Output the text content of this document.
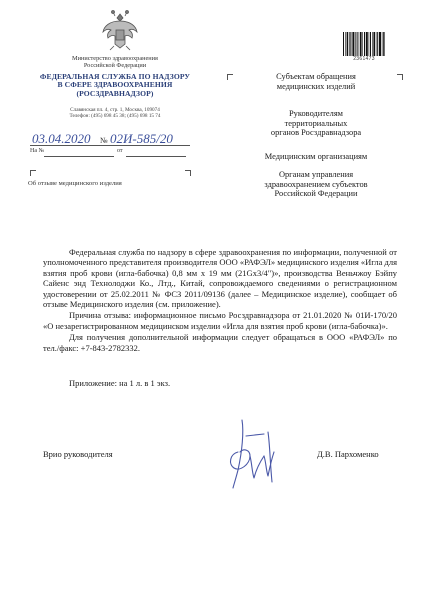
Министерство здравоохранения
Российской Федерации
ФЕДЕРАЛЬНАЯ СЛУЖБА ПО НАДЗОРУ
В СФЕРЕ ЗДРАВООХРАНЕНИЯ
(РОСЗДРАВНАДЗОР)
Славянская пл. 4, стр. 1, Москва, 109074
Телефон: (495) 698 45 38; (495) 698 15 74
03.04.2020 № 02И-585/20
На №	от
Об отзыве медицинского изделия
2361473
Субъектам обращения
медицинских изделий
Руководителям
территориальных
органов Росздравнадзора
Медицинским организациям
Органам управления
здравоохранением субъектов
Российской Федерации

Федеральная служба по надзору в сфере здравоохранения по информации, полученной от уполномоченного представителя производителя ООО «РАФЭЛ» медицинского изделия «Игла для взятия проб крови (игла-бабочка) 0,8 мм х 19 мм (21Gx3/4")», производства Веньчжоу Бэйпу Сайенс энд Технолоджи Ко., Лтд., Китай, сопровождаемого сведениями о регистрационном удостоверении от 25.02.2011 № ФСЗ 2011/09136 (далее – Медицинское изделие), сообщает об отзыве Медицинского изделия (см. приложение).

Причина отзыва: информационное письмо Росздравнадзора от 21.01.2020 № 01И-170/20 «О незарегистрированном медицинском изделии «Игла для взятия проб крови (игла-бабочка)».

Для получения дополнительной информации следует обращаться в ООО «РАФЭЛ» по тел./факс: +7-843-2782332.

Приложение: на 1 л. в 1 экз.
Врио руководителя	Д.В. Пархоменко
